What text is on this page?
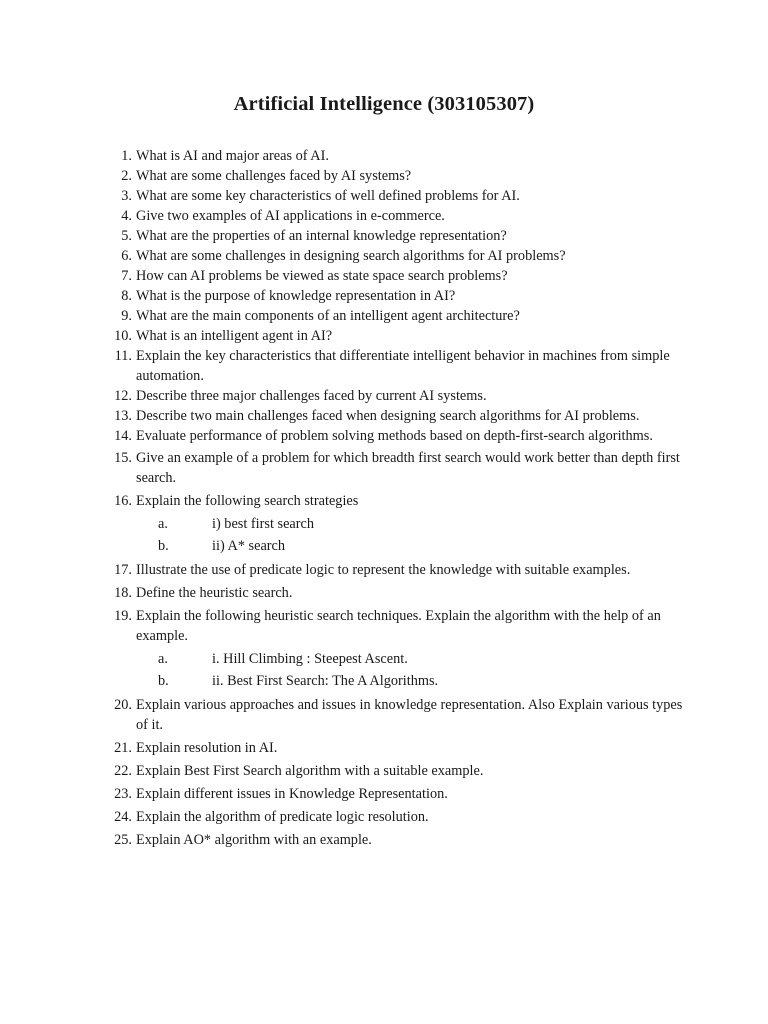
Artificial Intelligence (303105307)
1. What is AI and major areas of AI.
2. What are some challenges faced by AI systems?
3. What are some key characteristics of well defined problems for AI.
4. Give two examples of AI applications in e-commerce.
5. What are the properties of an internal knowledge representation?
6. What are some challenges in designing search algorithms for AI problems?
7. How can AI problems be viewed as state space search problems?
8. What is the purpose of knowledge representation in AI?
9. What are the main components of an intelligent agent architecture?
10. What is an intelligent agent in AI?
11. Explain the key characteristics that differentiate intelligent behavior in machines from simple automation.
12. Describe three major challenges faced by current AI systems.
13. Describe two main challenges faced when designing search algorithms for AI problems.
14. Evaluate performance of problem solving methods based on depth-first-search algorithms.
15. Give an example of a problem for which breadth first search would work better than depth first search.
16. Explain the following search strategies
a.	i) best first search
b.	ii) A* search
17. Illustrate the use of predicate logic to represent the knowledge with suitable examples.
18. Define the heuristic search.
19. Explain the following heuristic search techniques. Explain the algorithm with the help of an example.
a.	i. Hill Climbing : Steepest Ascent.
b.	ii. Best First Search: The A Algorithms.
20. Explain various approaches and issues in knowledge representation. Also Explain various types of it.
21. Explain resolution in AI.
22. Explain Best First Search algorithm with a suitable example.
23. Explain different issues in Knowledge Representation.
24. Explain the algorithm of predicate logic resolution.
25. Explain AO* algorithm with an example.
